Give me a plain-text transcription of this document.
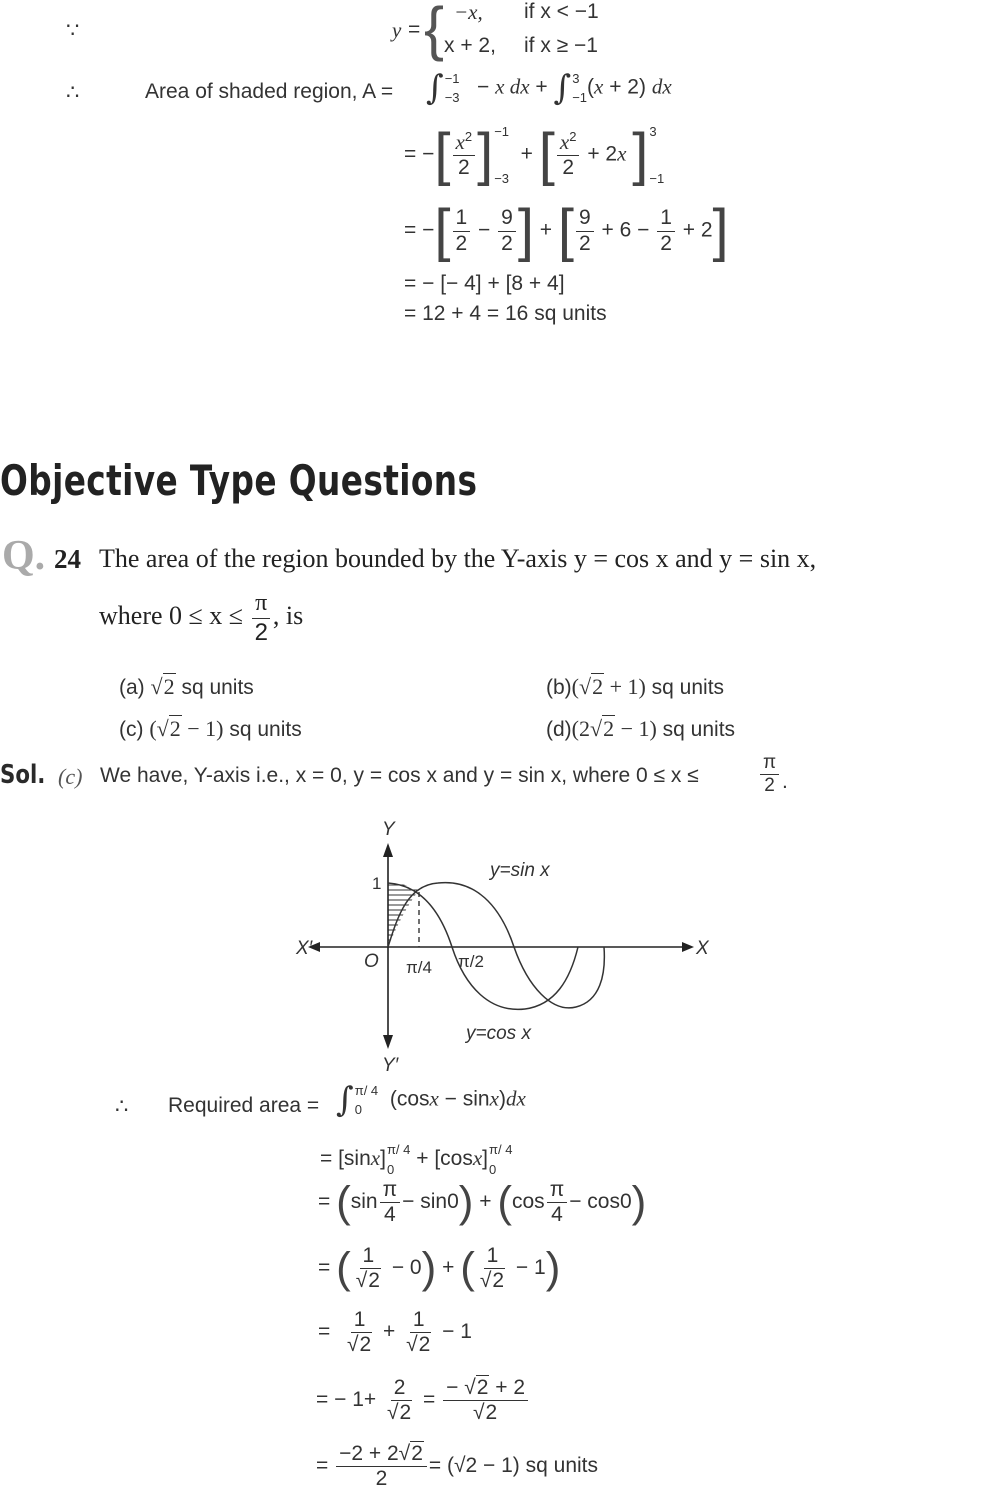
∵	y = { −x, if x < −1
x + 2, if x ≥ −1
∴	Area of shaded region, A = ∫ −1
−3 − x dx + ∫ 3
−1 (x + 2) dx
= −[ $\frac{x^2}{2}$ ] −1
−3
+ [ $\frac{x^2}{2} + 2x$ ] 3
−1
= −[ $\frac{1}{2} - \frac{9}{2}$ ] + [ $\frac{9}{2} + 6 - \frac{1}{2} + 2$]
= − [− 4] + [8 + 4]
= 12 + 4 = 16 sq units
Objective Type Questions
Q. 24 The area of the region bounded by the Y-axis y = cos x and y = sin x,
where $0 \le x \le \frac{\pi}{2}$ , is
(a) √2 sq units	(b)(√2 + 1) sq units
(c) (√2 − 1) sq units	(d)(2√2 − 1) sq units
Sol. (c) We have, Y-axis i.e., x = 0, y = cos x and y = sin x, where 0 ≤ x ≤	$\frac{\pi}{2}$ .
Y
Y′
X
X′
O
1
π/4 π/2
y=sin x
y=cos x
∴ Required area = ∫ π/ 4
0 (cosx − sinx)dx
= [sinx] π/ 4
0 + [cosx] π/ 4
0
= $(\sin \frac{\pi}{4} - \sin 0) + (\cos \frac{\pi}{4} - \cos 0)$
= ( $\frac{1}{√2} - 0$) + ( $\frac{1}{√2} - 1$)
= $\frac{1}{√2} + \frac{1}{√2} - 1$
= − $1+ \frac{2}{√2} = \frac{- √2 + 2}{√2}$
= $\frac{-2 + 2√2}{2} = (√2 - 1)$ sq units
